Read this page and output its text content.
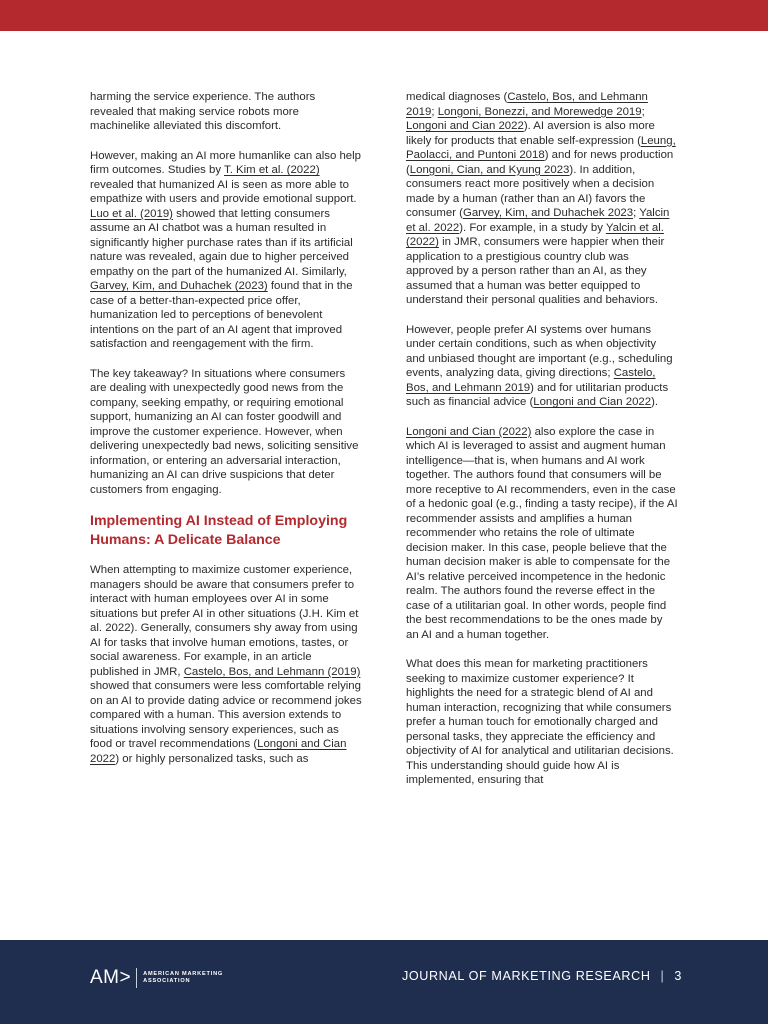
harming the service experience. The authors revealed that making service robots more machinelike alleviated this discomfort.

However, making an AI more humanlike can also help firm outcomes. Studies by T. Kim et al. (2022) revealed that humanized AI is seen as more able to empathize with users and provide emotional support. Luo et al. (2019) showed that letting consumers assume an AI chatbot was a human resulted in significantly higher purchase rates than if its artificial nature was revealed, again due to higher perceived empathy on the part of the humanized AI. Similarly, Garvey, Kim, and Duhachek (2023) found that in the case of a better-than-expected price offer, humanization led to perceptions of benevolent intentions on the part of an AI agent that improved satisfaction and reengagement with the firm.

The key takeaway? In situations where consumers are dealing with unexpectedly good news from the company, seeking empathy, or requiring emotional support, humanizing an AI can foster goodwill and improve the customer experience. However, when delivering unexpectedly bad news, soliciting sensitive information, or entering an adversarial interaction, humanizing an AI can drive suspicions that deter customers from engaging.

Implementing AI Instead of Employing Humans: A Delicate Balance

When attempting to maximize customer experience, managers should be aware that consumers prefer to interact with human employees over AI in some situations but prefer AI in other situations (J.H. Kim et al. 2022). Generally, consumers shy away from using AI for tasks that involve human emotions, tastes, or social awareness. For example, in an article published in JMR, Castelo, Bos, and Lehmann (2019) showed that consumers were less comfortable relying on an AI to provide dating advice or recommend jokes compared with a human. This aversion extends to situations involving sensory experiences, such as food or travel recommendations (Longoni and Cian 2022) or highly personalized tasks, such as

medical diagnoses (Castelo, Bos, and Lehmann 2019; Longoni, Bonezzi, and Morewedge 2019; Longoni and Cian 2022). AI aversion is also more likely for products that enable self-expression (Leung, Paolacci, and Puntoni 2018) and for news production (Longoni, Cian, and Kyung 2023). In addition, consumers react more positively when a decision made by a human (rather than an AI) favors the consumer (Garvey, Kim, and Duhachek 2023; Yalcin et al. 2022). For example, in a study by Yalcin et al. (2022) in JMR, consumers were happier when their application to a prestigious country club was approved by a person rather than an AI, as they assumed that a human was better equipped to understand their personal qualities and behaviors.

However, people prefer AI systems over humans under certain conditions, such as when objectivity and unbiased thought are important (e.g., scheduling events, analyzing data, giving directions; Castelo, Bos, and Lehmann 2019) and for utilitarian products such as financial advice (Longoni and Cian 2022).

Longoni and Cian (2022) also explore the case in which AI is leveraged to assist and augment human intelligence—that is, when humans and AI work together. The authors found that consumers will be more receptive to AI recommenders, even in the case of a hedonic goal (e.g., finding a tasty recipe), if the AI recommender assists and amplifies a human recommender who retains the role of ultimate decision maker. In this case, people believe that the human decision maker is able to compensate for the AI’s relative perceived incompetence in the hedonic realm. The authors found the reverse effect in the case of a utilitarian goal. In other words, people find the best recommendations to be the ones made by an AI and a human together.

What does this mean for marketing practitioners seeking to maximize customer experience? It highlights the need for a strategic blend of AI and human interaction, recognizing that while consumers prefer a human touch for emotionally charged and personal tasks, they appreciate the efficiency and objectivity of AI for analytical and utilitarian decisions. This understanding should guide how AI is implemented, ensuring that

AM> AMERICAN MARKETING
ASSOCIATION	JOURNAL OF MARKETING RESEARCH | 3
